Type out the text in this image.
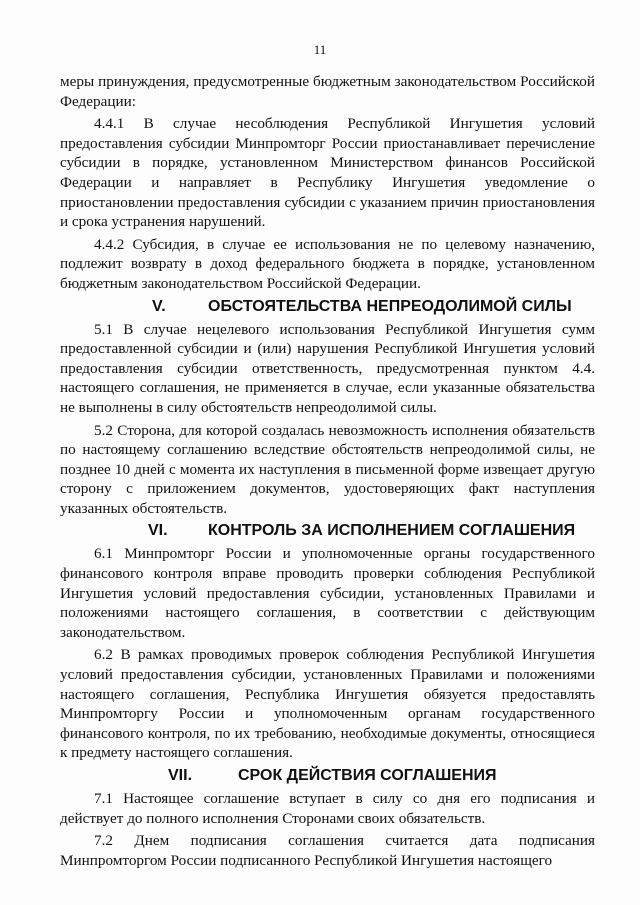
11

меры принуждения, предусмотренные бюджетным законодательством Российской Федерации:

4.4.1 В случае несоблюдения Республикой Ингушетия условий предоставления субсидии Минпромторг России приостанавливает перечисление субсидии в порядке, установленном Министерством финансов Российской Федерации и направляет в Республику Ингушетия уведомление о приостановлении предоставления субсидии с указанием причин приостановления и срока устранения нарушений.

4.4.2 Субсидия, в случае ее использования не по целевому назначению, подлежит возврату в доход федерального бюджета в порядке, установленном бюджетным законодательством Российской Федерации.

V.	ОБСТОЯТЕЛЬСТВА НЕПРЕОДОЛИМОЙ СИЛЫ

5.1 В случае нецелевого использования Республикой Ингушетия сумм предоставленной субсидии и (или) нарушения Республикой Ингушетия условий предоставления субсидии ответственность, предусмотренная пунктом 4.4. настоящего соглашения, не применяется в случае, если указанные обязательства не выполнены в силу обстоятельств непреодолимой силы.

5.2 Сторона, для которой создалась невозможность исполнения обязательств по настоящему соглашению вследствие обстоятельств непреодолимой силы, не позднее 10 дней с момента их наступления в письменной форме извещает другую сторону с приложением документов, удостоверяющих факт наступления указанных обстоятельств.

VI.	КОНТРОЛЬ ЗА ИСПОЛНЕНИЕМ СОГЛАШЕНИЯ

6.1 Минпромторг России и уполномоченные органы государственного финансового контроля вправе проводить проверки соблюдения Республикой Ингушетия условий предоставления субсидии, установленных Правилами и положениями настоящего соглашения, в соответствии с действующим законодательством.

6.2 В рамках проводимых проверок соблюдения Республикой Ингушетия условий предоставления субсидии, установленных Правилами и положениями настоящего соглашения, Республика Ингушетия обязуется предоставлять Минпромторгу России и уполномоченным органам государственного финансового контроля, по их требованию, необходимые документы, относящиеся к предмету настоящего соглашения.

VII.	СРОК ДЕЙСТВИЯ СОГЛАШЕНИЯ

7.1 Настоящее соглашение вступает в силу со дня его подписания и действует до полного исполнения Сторонами своих обязательств.

7.2 Днем подписания соглашения считается дата подписания Минпромторгом России подписанного Республикой Ингушетия настоящего
